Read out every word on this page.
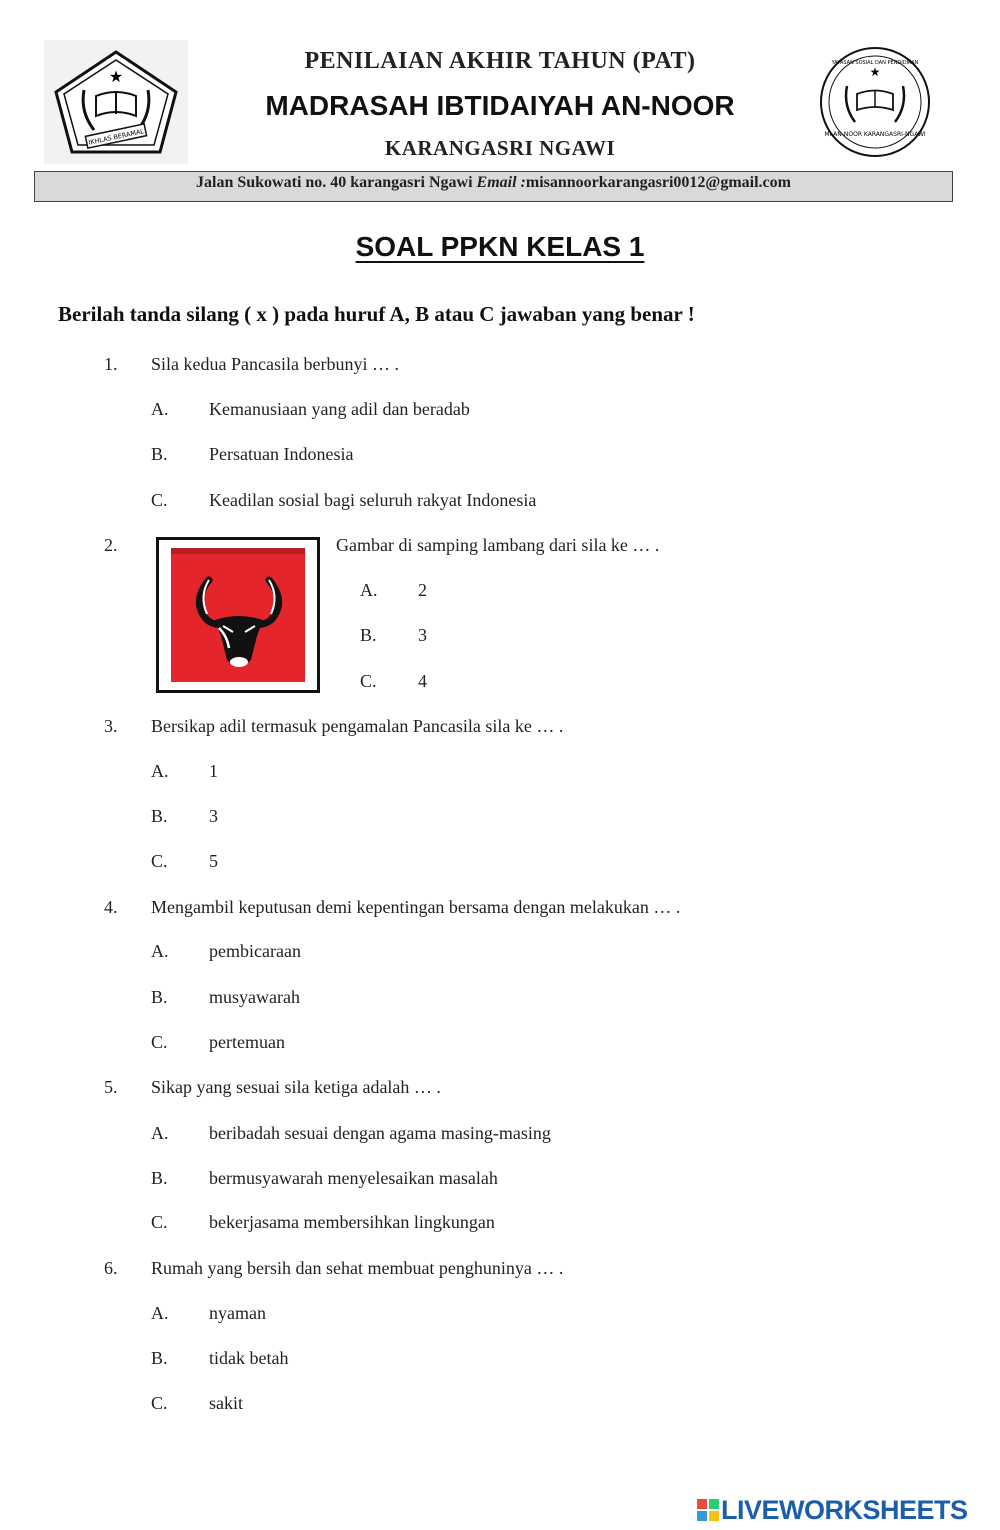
★
IKHLAS BERAMAL
★
YAYASAN SOSIAL DAN PENDIDIKAN
MI AN-NOOR KARANGASRI-NGAWI
PENILAIAN AKHIR TAHUN (PAT)
MADRASAH IBTIDAIYAH AN-NOOR
KARANGASRI NGAWI
Jalan Sukowati no. 40 karangasri Ngawi Email :misannoorkarangasri0012@gmail.com
SOAL PPKN KELAS 1
Berilah tanda silang ( x ) pada huruf A, B atau C jawaban yang benar !
1. Sila kedua Pancasila berbunyi … .
A. Kemanusiaan yang adil dan beradab
B. Persatuan Indonesia
C. Keadilan sosial bagi seluruh rakyat Indonesia
2.	Gambar di samping lambang dari sila ke … .
A. 2
B. 3
C. 4
3. Bersikap adil termasuk pengamalan Pancasila sila ke … .
A. 1
B. 3
C. 5
4. Mengambil keputusan demi kepentingan bersama dengan melakukan … .
A. pembicaraan
B. musyawarah
C. pertemuan
5. Sikap yang sesuai sila ketiga adalah … .
A. beribadah sesuai dengan agama masing-masing
B. bermusyawarah menyelesaikan masalah
C. bekerjasama membersihkan lingkungan
6. Rumah yang bersih dan sehat membuat penghuninya … .
A. nyaman
B. tidak betah
C. sakit
LIVEWORKSHEETS
